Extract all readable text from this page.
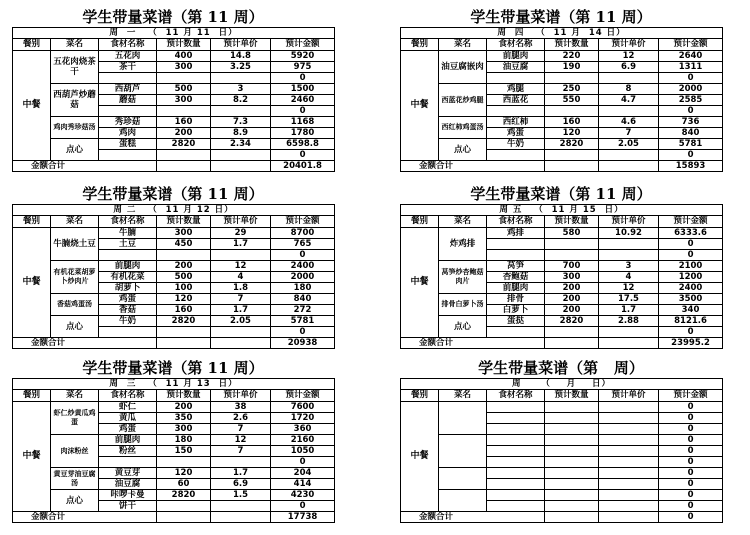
学生带量菜谱（第 11 周）
周  一   （  11 月 11  日）					
餐别	菜名	食材名称	预计数量	预计单价	预计金额
中餐	五花肉烧茶干	五花肉	400	14.8	5920
		茶干	300	3.25	975
					0
	西葫芦炒蘑菇	西葫芦	500	3	1500
		蘑菇	300	8.2	2460
					0
	鸡肉秀珍菇汤	秀珍菇	160	7.3	1168
		鸡肉	200	8.9	1780
	点心	蛋糕	2820	2.34	6598.8
					0
金额合计					20401.8
学生带量菜谱（第 11 周）
周  四   （  11 月  14 日）					
餐别	菜名	食材名称	预计数量	预计单价	预计金额
中餐	油豆腐嵌肉	前腿肉	220	12	2640
		油豆腐	190	6.9	1311
					0
	西蓝花炒鸡腿	鸡腿	250	8	2000
		西蓝花	550	4.7	2585
					0
	西红柿鸡蛋汤	西红柿	160	4.6	736
		鸡蛋	120	7	840
	点心	牛奶	2820	2.05	5781
					0
金额合计					15893
学生带量菜谱（第 11 周）
周 二   （  11 月 12 日）					
餐别	菜名	食材名称	预计数量	预计单价	预计金额
中餐	牛腩烧土豆	牛腩	300	29	8700
		土豆	450	1.7	765
					0
	有机花菜胡萝卜炒肉片	前腿肉	200	12	2400
		有机花菜	500	4	2000
		胡萝卜	100	1.8	180
	香菇鸡蛋汤	鸡蛋	120	7	840
		香菇	160	1.7	272
	点心	牛奶	2820	2.05	5781
					0
金额合计					20938
学生带量菜谱（第 11 周）
周 五   （  11 月 15  日）					
餐别	菜名	食材名称	预计数量	预计单价	预计金额
中餐	炸鸡排	鸡排	580	10.92	6333.6
					0
					0
	莴笋炒杏鲍菇肉片	莴笋	700	3	2100
		杏鲍菇	300	4	1200
		前腿肉	200	12	2400
	排骨白萝卜汤	排骨	200	17.5	3500
		白萝卜	200	1.7	340
	点心	蛋挞	2820	2.88	8121.6
					0
金额合计					23995.2
学生带量菜谱（第 11 周）
周  三   （  11 月 13  日）					
餐别	菜名	食材名称	预计数量	预计单价	预计金额
中餐	虾仁炒黄瓜鸡蛋	虾仁	200	38	7600
		黄瓜	350	2.6	1720
		鸡蛋	300	7	360
	肉沫粉丝	前腿肉	180	12	2160
		粉丝	150	7	1050
					0
	黄豆芽油豆腐汤	黄豆芽	120	1.7	204
		油豆腐	60	6.9	414
	点心	咔啰卡曼	2820	1.5	4230
		饼干			0
金额合计					17738
学生带量菜谱（第   周）
周     （    月    日）					
餐别	菜名	食材名称	预计数量	预计单价	预计金额
中餐					0
					0
					0
					0
					0
					0
					0
					0
					0
					0
金额合计					0
